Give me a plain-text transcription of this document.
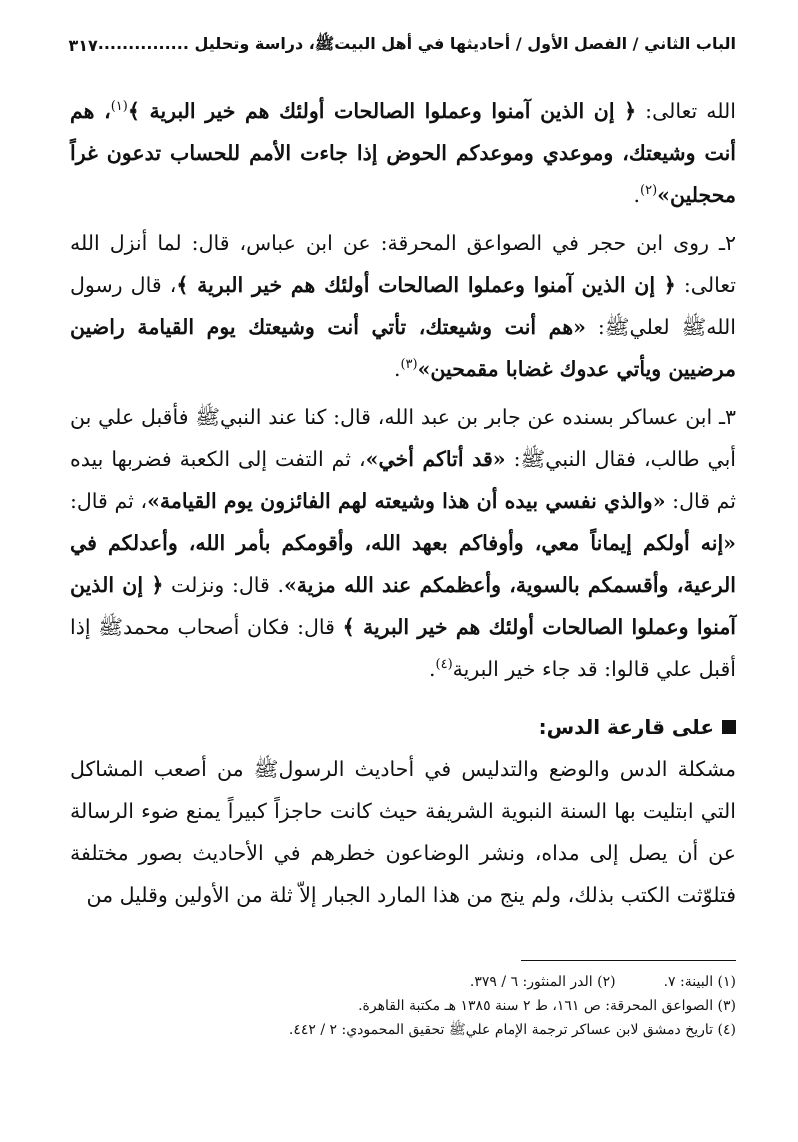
الباب الثاني / الفصل الأول / أحاديثها في أهل البيتﷺ، دراسة وتحليل ...............
٣١٧

الله تعالى: ﴿ إن الذين آمنوا وعملوا الصالحات أولئك هم خير البرية ﴾$^{(١)}$، هم أنت وشيعتك، وموعدي وموعدكم الحوض إذا جاءت الأمم للحساب تدعون غراً محجلين»$^{(٢)}$.

٢ـ روى ابن حجر في الصواعق المحرقة: عن ابن عباس، قال: لما أنزل الله تعالى: ﴿ إن الذين آمنوا وعملوا الصالحات أولئك هم خير البرية ﴾، قال رسول اللهﷺ لعليﷺ: «هم أنت وشيعتك، تأتي أنت وشيعتك يوم القيامة راضين مرضيين ويأتي عدوك غضابا مقمحين»$^{(٣)}$.

٣ـ ابن عساكر بسنده عن جابر بن عبد الله، قال: كنا عند النبيﷺ فأقبل علي بن أبي طالب، فقال النبيﷺ: «قد أتاكم أخي»، ثم التفت إلى الكعبة فضربها بيده ثم قال: «والذي نفسي بيده أن هذا وشيعته لهم الفائزون يوم القيامة»، ثم قال: «إنه أولكم إيماناً معي، وأوفاكم بعهد الله، وأقومكم بأمر الله، وأعدلكم في الرعية، وأقسمكم بالسوية، وأعظمكم عند الله مزية». قال: ونزلت ﴿ إن الذين آمنوا وعملوا الصالحات أولئك هم خير البرية ﴾ قال: فكان أصحاب محمدﷺ إذا أقبل علي قالوا: قد جاء خير البرية$^{(٤)}$.

على قارعة الدس:

مشكلة الدس والوضع والتدليس في أحاديث الرسولﷺ من أصعب المشاكل التي ابتليت بها السنة النبوية الشريفة حيث كانت حاجزاً كبيراً يمنع ضوء الرسالة عن أن يصل إلى مداه، ونشر الوضاعون خطرهم في الأحاديث بصور مختلفة فتلوّثت الكتب بذلك، ولم ينج من هذا المارد الجبار إلاّ ثلة من الأولين وقليل من

(١) البينة: ٧.
(٢) الدر المنثور: ٦ / ٣٧٩.
(٣) الصواعق المحرقة: ص ١٦١، ط ٢ سنة ١٣٨٥ هـ مكتبة القاهرة.
(٤) تاريخ دمشق لابن عساكر ترجمة الإمام عليﷺ تحقيق المحمودي: ٢ / ٤٤٢.
